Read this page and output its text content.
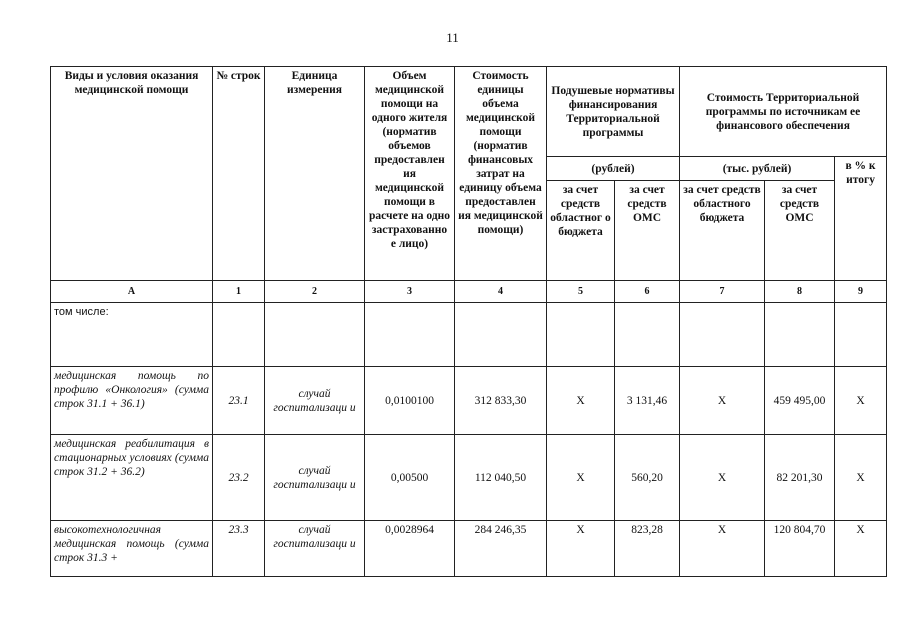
11
Виды и условия оказания медицинской помощи	№ строк	Единица измерения	Объем медицинской помощи на одного жителя (норматив объемов предоставлен ия медицинской помощи в расчете на одно застрахованно е лицо)	Стоимость единицы объема медицинской помощи (норматив финансовых затрат на единицу объема предоставлен ия медицинской помощи)	Подушевые нормативы финансирования Территориальной программы		Стоимость Территориальной программы по источникам ее финансового обеспечения		
					(рублей)		(тыс. рублей)		в % к итогу
					за счет средств областног о бюджета	за счет средств ОМС	за счет средств областного бюджета	за счет средств ОМС	
А	1	2	3	4	5	6	7	8	9
том числе:									
медицинская помощь по профилю «Онкология» (сумма строк 31.1 + 36.1)	23.1	случай госпитализаци и	0,0100100	312 833,30	Х	3 131,46	Х	459 495,00	Х
медицинская реабилитация в стационарных условиях (сумма строк 31.2 + 36.2)	23.2	случай госпитализаци и	0,00500	112 040,50	Х	560,20	Х	82 201,30	Х
высокотехнологичная медицинская помощь (сумма строк 31.3 +	23.3	случай госпитализаци и	0,0028964	284 246,35	Х	823,28	Х	120 804,70	Х
